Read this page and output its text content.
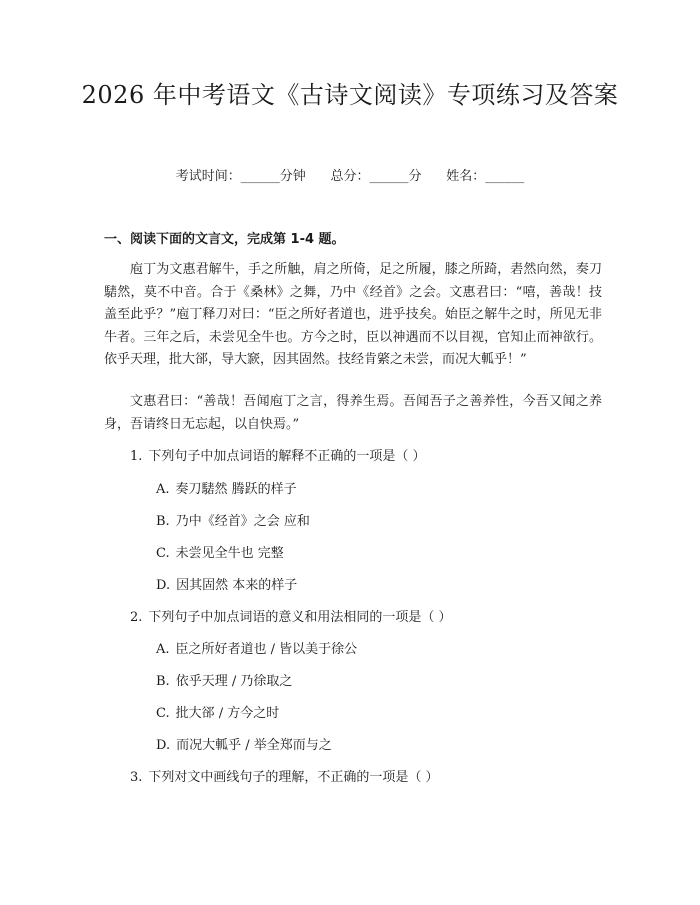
2026 年中考语文《古诗文阅读》专项练习及答案
考试时间：______分钟      总分：______分      姓名：______
一、阅读下面的文言文，完成第 1-4 题。

庖丁为文惠君解牛，手之所触，肩之所倚，足之所履，膝之所踦，砉然向然，奏刀騞然，莫不中音。合于《桑林》之舞，乃中《经首》之会。文惠君曰：“嘻，善哉！技盖至此乎？”庖丁释刀对曰：“臣之所好者道也，进乎技矣。始臣之解牛之时，所见无非牛者。三年之后，未尝见全牛也。方今之时，臣以神遇而不以目视，官知止而神欲行。依乎天理，批大郤，导大窾，因其固然。技经肯綮之未尝，而况大軱乎！”

文惠君曰：“善哉！吾闻庖丁之言，得养生焉。吾闻吾子之善养性，今吾又闻之养身，吾请终日无忘起，以自快焉。”

1. 下列句子中加点词语的解释不正确的一项是（ ）
A. 奏刀騞然 腾跃的样子
B. 乃中《经首》之会 应和
C. 未尝见全牛也 完整
D. 因其固然 本来的样子
2. 下列句子中加点词语的意义和用法相同的一项是（ ）
A. 臣之所好者道也 / 皆以美于徐公
B. 依乎天理 / 乃徐取之
C. 批大郤 / 方今之时
D. 而况大軱乎 / 举全郑而与之
3. 下列对文中画线句子的理解，不正确的一项是（ ）
